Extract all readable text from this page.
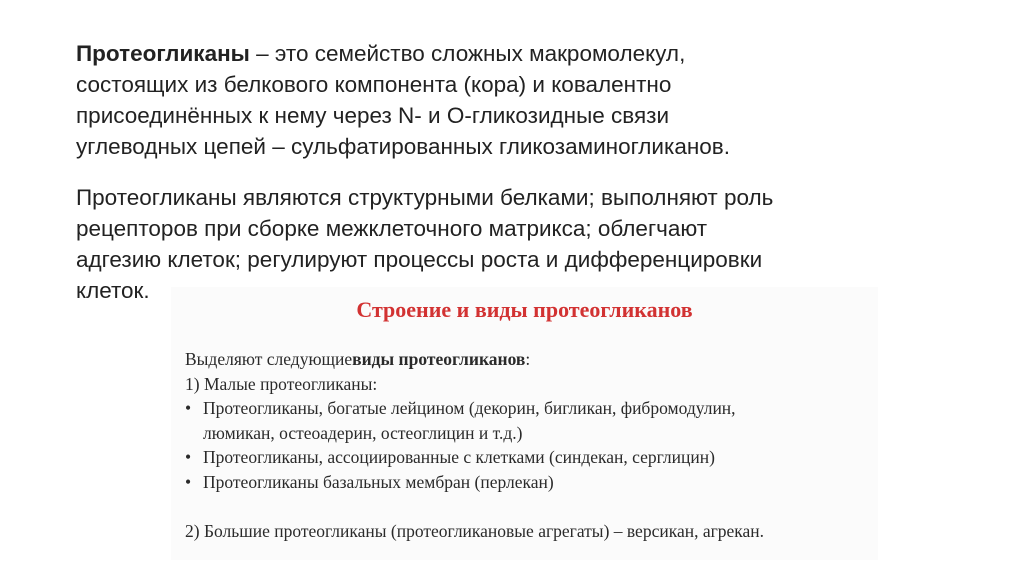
Протеогликаны – это семейство сложных макромолекул,
состоящих из белкового компонента (кора) и ковалентно
присоединённых к нему через N- и O-гликозидные связи
углеводных цепей – сульфатированных гликозаминогликанов.
Протеогликаны являются структурными белками; выполняют роль
рецепторов при сборке межклеточного матрикса; облегчают
адгезию клеток; регулируют процессы роста и дифференцировки
клеток.
Строение и виды протеогликанов
Выделяют следующие виды протеогликанов :
1) Малые протеогликаны:
• Протеогликаны, богатые лейцином (декорин, бигликан, фибромодулин,
люмикан, остеоадерин, остеоглицин и т.д.)
• Протеогликаны, ассоциированные с клетками (синдекан, серглицин)
• Протеогликаны базальных мембран (перлекан)
2) Большие протеогликаны (протеогликановые агрегаты) – версикан, агрекан.
